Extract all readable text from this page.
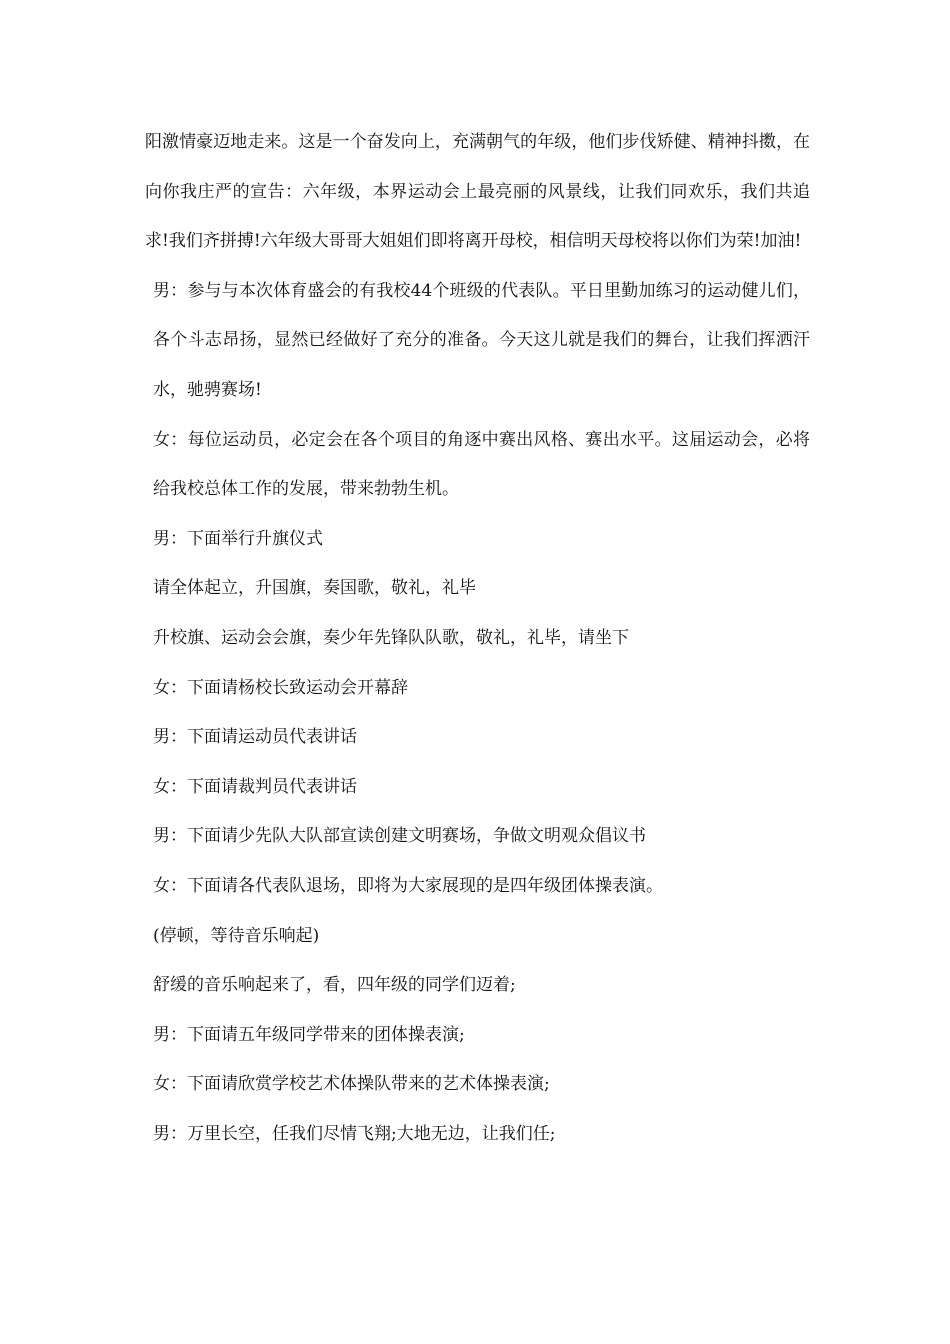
阳激情豪迈地走来。这是一个奋发向上，充满朝气的年级，他们步伐矫健、精神抖擞，在向你我庄严的宣告：六年级，本界运动会上最亮丽的风景线，让我们同欢乐，我们共追求!我们齐拼搏!六年级大哥哥大姐姐们即将离开母校，相信明天母校将以你们为荣!加油!

男：参与与本次体育盛会的有我校44个班级的代表队。平日里勤加练习的运动健儿们，各个斗志昂扬，显然已经做好了充分的准备。今天这儿就是我们的舞台，让我们挥洒汗水，驰骋赛场!

女：每位运动员，必定会在各个项目的角逐中赛出风格、赛出水平。这届运动会，必将给我校总体工作的发展，带来勃勃生机。

男：下面举行升旗仪式

请全体起立，升国旗，奏国歌，敬礼，礼毕

升校旗、运动会会旗，奏少年先锋队队歌，敬礼，礼毕，请坐下

女：下面请杨校长致运动会开幕辞

男：下面请运动员代表讲话

女：下面请裁判员代表讲话

男：下面请少先队大队部宣读创建文明赛场，争做文明观众倡议书

女：下面请各代表队退场，即将为大家展现的是四年级团体操表演。

(停顿，等待音乐响起)

舒缓的音乐响起来了，看，四年级的同学们迈着;

男：下面请五年级同学带来的团体操表演;

女：下面请欣赏学校艺术体操队带来的艺术体操表演;

男：万里长空，任我们尽情飞翔;大地无边，让我们任;
